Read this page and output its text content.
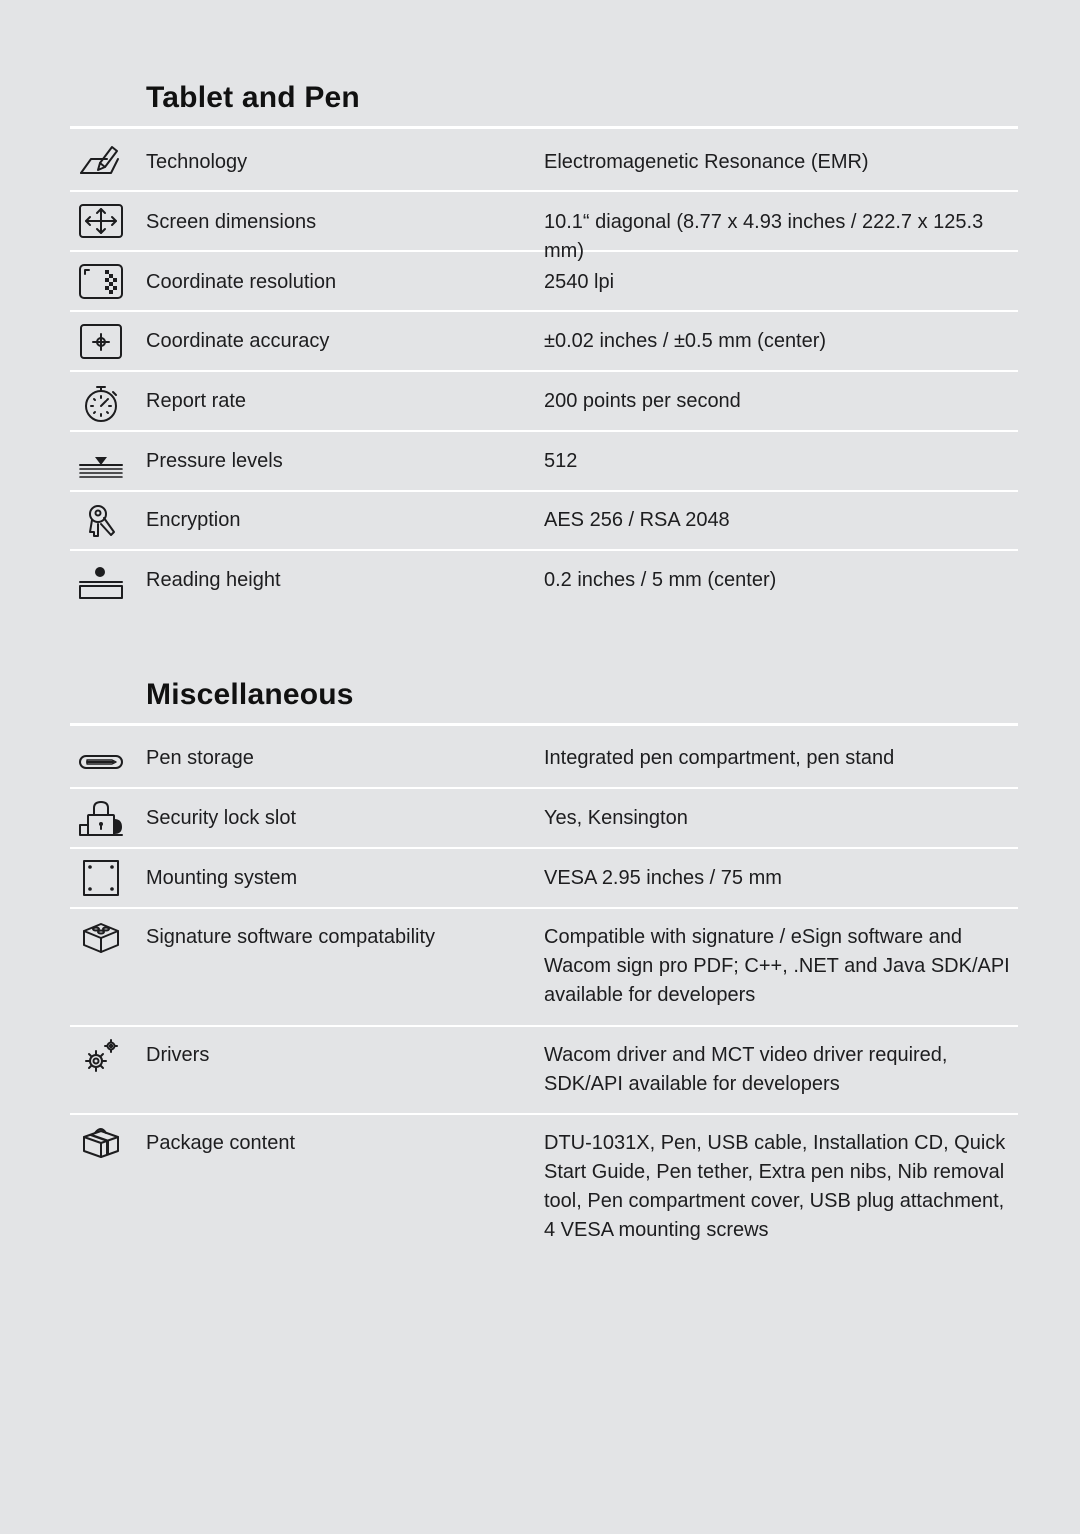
Tablet and Pen
Technology	Electromagenetic Resonance (EMR)
Screen dimensions	10.1“ diagonal (8.77 x 4.93 inches / 222.7 x 125.3 mm)
Coordinate resolution	2540 lpi
Coordinate accuracy	±0.02 inches / ±0.5 mm (center)
Report rate	200 points per second
Pressure levels	512
Encryption	AES 256 / RSA 2048
Reading height	0.2 inches / 5 mm (center)
Miscellaneous
Pen storage	Integrated pen compartment, pen stand
Security lock slot	Yes, Kensington
Mounting system	VESA 2.95 inches / 75 mm
Signature software compatability	Compatible with signature / eSign software and Wacom sign pro PDF; C++, .NET and Java SDK/API available for developers
Drivers	Wacom driver and MCT video driver required, SDK/API available for developers
Package content	DTU-1031X, Pen, USB cable, Installation CD, Quick Start Guide, Pen tether, Extra pen nibs, Nib removal tool, Pen compartment cover, USB plug attachment, 4 VESA mounting screws
